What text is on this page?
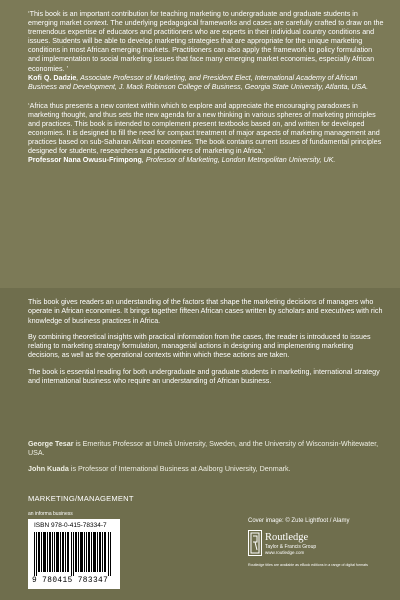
‘This book is an important contribution for teaching marketing to undergraduate and graduate students in emerging market context. The underlying pedagogical frameworks and cases are carefully crafted to draw on the tremendous expertise of educators and practitioners who are experts in their individual country conditions and issues. Students will be able to develop marketing strategies that are appropriate for the unique marketing conditions in most African emerging markets. Practitioners can also apply the framework to policy formulation and implementation to social marketing issues that face many emerging market economies, especially African economies. ’

Kofi Q. Dadzie, Associate Professor of Marketing, and President Elect, International Academy of African Business and Development, J. Mack Robinson College of Business, Georgia State University, Atlanta, USA.

‘Africa thus presents a new context within which to explore and appreciate the encouraging paradoxes in marketing thought, and thus sets the new agenda for a new thinking in various spheres of marketing principles and practices. This book is intended to complement present textbooks based on, and written for developed economies. It is designed to fill the need for compact treatment of major aspects of marketing management and practices based on sub-Saharan African economies. The book contains current issues of fundamental principles designed for students, researchers and practitioners of marketing in Africa.’

Professor Nana Owusu-Frimpong, Professor of Marketing, London Metropolitan University, UK.

This book gives readers an understanding of the factors that shape the marketing decisions of managers who operate in African economies. It brings together fifteen African cases written by scholars and executives with rich knowledge of business practices in Africa.

By combining theoretical insights with practical information from the cases, the reader is introduced to issues relating to marketing strategy formulation, managerial actions in designing and implementing marketing decisions, as well as the operational contexts within which these actions are taken.

The book is essential reading for both undergraduate and graduate students in marketing, international strategy and international business who require an understanding of African business.

George Tesar is Emeritus Professor at Umeå University, Sweden, and the University of Wisconsin-Whitewater, USA.

John Kuada is Professor of International Business at Aalborg University, Denmark.

MARKETING/MANAGEMENT
an informa business
ISBN 978-0-415-78334-7
9 780415 783347
Cover image: © Zute Lightfoot / Alamy
Routledge
Taylor & Francis Group
www.routledge.com
Routledge titles are available as eBook editions in a range of digital formats
